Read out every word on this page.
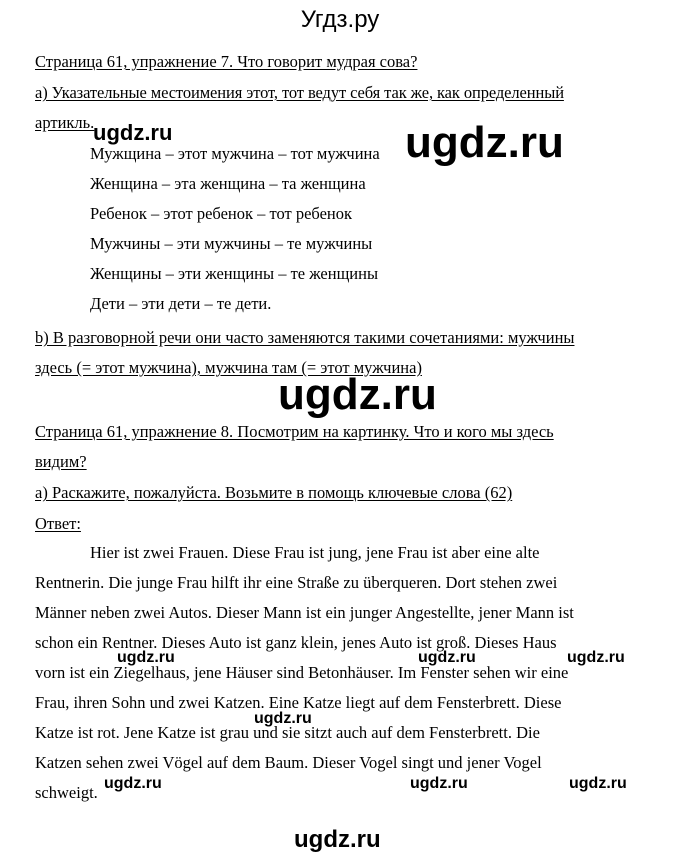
Угдз.ру
Страница 61, упражнение 7. Что говорит мудрая сова?
а) Указательные местоимения этот, тот ведут себя так же, как определенный
артикль.
Мужщина – этот мужчина – тот мужчина
Женщина – эта женщина – та женщина
Ребенок – этот ребенок – тот ребенок
Мужчины – эти мужчины – те мужчины
Женщины – эти женщины – те женщины
Дети – эти дети – те дети.
b) В разговорной речи они часто заменяются такими сочетаниями: мужчины
здесь (= этот мужчина), мужчина там (= этот мужчина)
Страница 61, упражнение 8. Посмотрим на картинку. Что и кого мы здесь
видим?
а) Раскажите, пожалуйста. Возьмите в помощь ключевые слова (62)
Ответ:
Hier ist zwei Frauen. Diese Frau ist jung, jene Frau ist aber eine alte
Rentnerin. Die junge Frau hilft ihr eine Straße zu überqueren. Dort stehen zwei
Männer neben zwei Autos. Dieser Mann ist ein junger Angestellte, jener Mann ist
schon ein Rentner. Dieses Auto ist ganz klein, jenes Auto ist groß. Dieses Haus
vorn ist ein Ziegelhaus, jene Häuser sind Betonhäuser. Im Fenster sehen wir eine
Frau, ihren Sohn und zwei Katzen. Eine Katze liegt auf dem Fensterbrett. Diese
Katze ist rot. Jene Katze ist grau und sie sitzt auch auf dem Fensterbrett. Die
Katzen sehen zwei Vögel auf dem Baum. Dieser Vogel singt und jener Vogel
schweigt.
ugdz.ru	ugdz.ru
ugdz.ru
ugdz.ru	ugdz.ru	ugdz.ru
ugdz.ru
ugdz.ru	ugdz.ru	ugdz.ru
ugdz.ru
